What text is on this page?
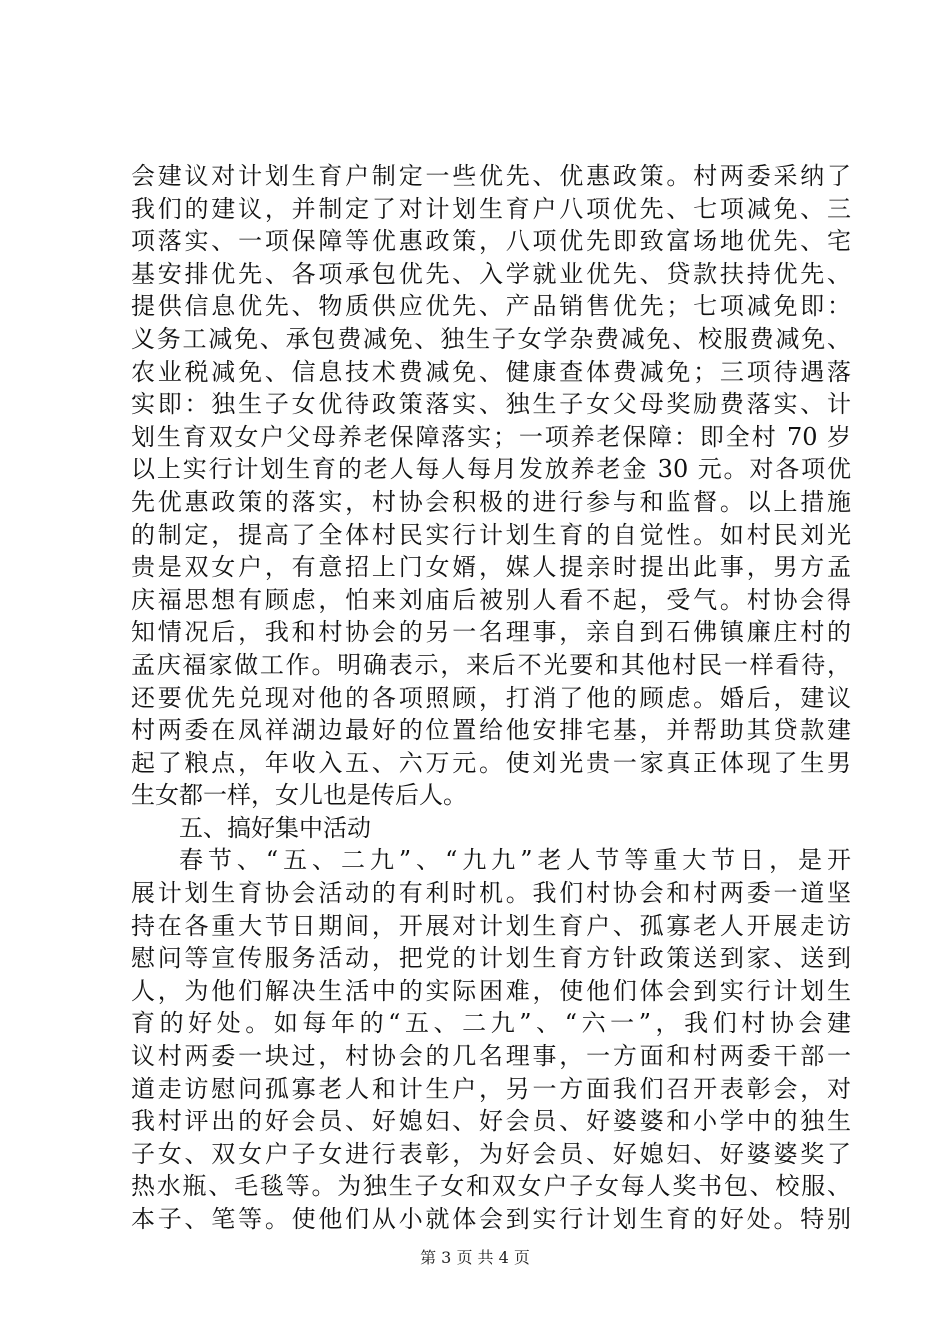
会建议对计划生育户制定一些优先、优惠政策。村两委采纳了
我们的建议，并制定了对计划生育户八项优先、七项减免、三
项落实、一项保障等优惠政策，八项优先即致富场地优先、宅
基安排优先、各项承包优先、入学就业优先、贷款扶持优先、
提供信息优先、物质供应优先、产品销售优先；七项减免即：
义务工减免、承包费减免、独生子女学杂费减免、校服费减免、
农业税减免、信息技术费减免、健康查体费减免；三项待遇落
实即：独生子女优待政策落实、独生子女父母奖励费落实、计
划生育双女户父母养老保障落实；一项养老保障：即全村 70 岁
以上实行计划生育的老人每人每月发放养老金 30 元。对各项优
先优惠政策的落实，村协会积极的进行参与和监督。以上措施
的制定，提高了全体村民实行计划生育的自觉性。如村民刘光
贵是双女户，有意招上门女婿，媒人提亲时提出此事，男方孟
庆福思想有顾虑，怕来刘庙后被别人看不起，受气。村协会得
知情况后，我和村协会的另一名理事，亲自到石佛镇廉庄村的
孟庆福家做工作。明确表示，来后不光要和其他村民一样看待，
还要优先兑现对他的各项照顾，打消了他的顾虑。婚后，建议
村两委在凤祥湖边最好的位置给他安排宅基，并帮助其贷款建
起了粮点，年收入五、六万元。使刘光贵一家真正体现了生男
生女都一样，女儿也是传后人。
五、搞好集中活动
春节、“五、二九”、“九九”老人节等重大节日，是开
展计划生育协会活动的有利时机。我们村协会和村两委一道坚
持在各重大节日期间，开展对计划生育户、孤寡老人开展走访
慰问等宣传服务活动，把党的计划生育方针政策送到家、送到
人，为他们解决生活中的实际困难，使他们体会到实行计划生
育的好处。如每年的“五、二九”、“六一”，我们村协会建
议村两委一块过，村协会的几名理事，一方面和村两委干部一
道走访慰问孤寡老人和计生户，另一方面我们召开表彰会，对
我村评出的好会员、好媳妇、好会员、好婆婆和小学中的独生
子女、双女户子女进行表彰，为好会员、好媳妇、好婆婆奖了
热水瓶、毛毯等。为独生子女和双女户子女每人奖书包、校服、
本子、笔等。使他们从小就体会到实行计划生育的好处。特别
第 3 页 共 4 页
